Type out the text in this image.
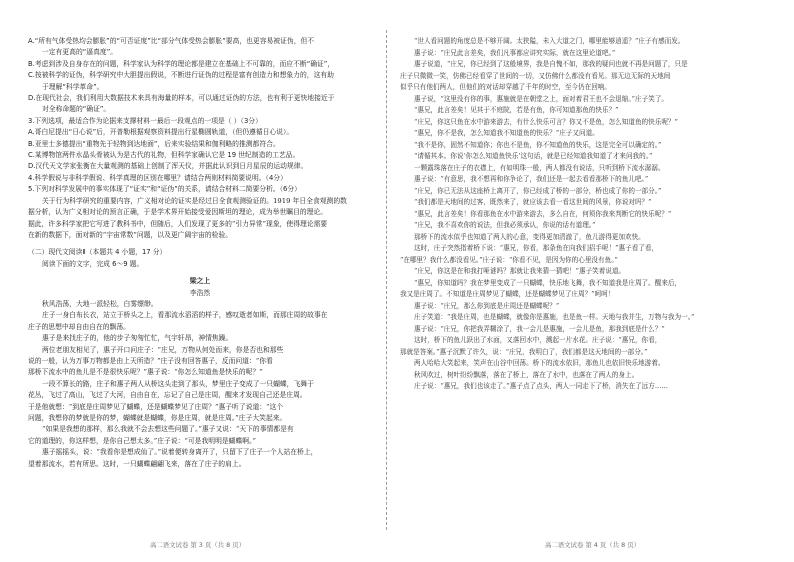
A.“所有气体受热均会膨胀”的“可否证度”比“部分气体受热会膨胀”要高，也更容易被证伪，但不
一定有更高的“逼真度”。
B.考虑到涉及自身存在的问题，科学家认为科学的理论都是建立在基础上不可靠的，而应不断“确证”，
C.按被科学的证伪，科学研究中大胆提出假说，不断进行证伪的过程是富有创造力和想象力的，这有助
于理解“科学革命”。
D.在现代社会，我们利用大数据技术来具有海量的样本，可以通过证伪的方法，也有利于更快地接近于
对全称命题的“确证”。
3.下列选项，最适合作为论据来支撑材料一最后一段观点的一项是（ ）（3分）
A.哥白尼提出“日心说”后，开普勒根据观察资料提出行星椭圆轨道，（但仍遵循日心说）。
B.亚里士多德提出“重物先于轻物到达地面”，后来实验结果和伽利略的推测都符合。
C.某博物馆两件水晶头骨被认为是古代的礼物，但科学家确认它是 19 世纪制造的工艺品。
D.汉代天文学家张衡在大量观测的基础上创制了浑天仪，并据此认识到日月星辰的运动规律。
4.科学假说与非科学假说、科学真理的区别在哪里？请结合两则材料简要说明。（4分）
5.下列对科学发展中的事实体现了“证实”和“证伪”的关系，请结合材料二简要分析。（6分）
关于行为科学研究的重要内容，广义相对论的证实是经过日全食观测验证的。1919 年日全食观测的数
据分析，认为广义相对论的预言正确，于是学术界开始接受爱因斯坦的理论，成为举世瞩目的理论。
据此，许多科学家把它写进了教科书中，但随后，人们发现了更多的“引力异常”现象，使得理论需要
在新的数据下，面对新的“宇宙常数”问题，以及更广阔宇宙的检验。
（二）现代文阅读Ⅱ（本题共 4 小题，17 分）
阅读下面的文字，完成 6～9 题。
梁之上
李浩然
秋风浩荡，大地一派轻松，白雾缥缈。
庄子一身白布长衣，站立于桥头之上，看那流水滔滔的样子，感叹逝者如斯，而那庄周的故事在
庄子的思想中却自由自在的飘荡。
惠子是来找庄子的，他的步子匆匆忙忙，气宇轩昂，神情焦躁。
两位老朋友相见了，惠子开口问庄子：“庄兄，万物从何处而来，你是否也和那些
说的一般，认为万事万物都是由上天所造？”庄子没有回答惠子，反而问道：“你看
那桥下流水中的鱼儿是不是很快乐呢？”惠子说：“你怎么知道鱼是快乐的呢？”
一段不算长的路，庄子和惠子两人从桥这头走到了那头，梦里庄子变成了一只蝴蝶，飞舞于
花丛，飞过了高山，飞过了大河，自由自在，忘记了自己是庄周，醒来才发现自己还是庄周。
于是他就想：“到底是庄周梦见了蝴蝶，还是蝴蝶梦见了庄周？”惠子听了说道：“这个
问题，我想你的梦就是你的梦，蝴蝶就是蝴蝶，你是庄周，就是庄周。”庄子大笑起来。
“如果是我想的那样，那么我就不会去想这些问题了。”惠子又说：“天下的事情都是有
它的道理的，你这样想，是你自己想太多。”庄子说：“可是我明明是蝴蝶啊。”
惠子摇摇头，说：“我看你是想成仙了。”说着便转身离开了，只留下了庄子一个人站在桥上，
望着那流水，若有所思。这时，一只蝴蝶翩翩飞来，落在了庄子的肩上。
“世人看问题的角度总是不够开阔。太狭隘，未入大道之门，哪里能够逍遥？”庄子有感而发。
惠子说：“庄兄此言差矣，我们凡事都应讲究实际，就在这里论道吧。”
惠子说道，“庄兄，你已经到了这般境界，我是自愧不如，那我的疑问也就不再是问题了，只是
庄子只微微一笑，仿佛已经看穿了世间的一切，又仿佛什么都没有看见。那无边无际的天地间
似乎只有他们两人，但他们的对话却穿越了千年的时空，至今仍在回响。
惠子说，“这里没有你的事，惠施就是在朝堂之上，面对着君王也不会退缩。”庄子笑了。
“惠兄，此言差矣！见其于不庭院，若是有鱼，你可知道那鱼的快乐？”
“庄兄，你这只鱼在水中游来游去，有什么快乐可言？你又不是鱼，怎么知道鱼的快乐呢？”
“惠兄，你不是我，怎么知道我不知道鱼的快乐？”庄子又问道。
“我不是你，固然不知道你；你也不是鱼，你不知道鱼的快乐，这是完全可以确定的。”
“请循其本。你说‘你怎么知道鱼快乐’这句话，就是已经知道我知道了才来问我的。”
一颗露珠落在庄子的衣襟上，有如明珠一般，两人都没有说话，只听到桥下流水潺潺。
惠子说：“有意思，我不想再和你争论了，我们还是一起去看看那桥下的鱼儿吧。”
“庄兄，你已无法从这座桥上离开了，你已经成了桥的一部分，桥也成了你的一部分。”
“我们都是天地间的过客，既然来了，就应该去看一看这世间的风景，你说对吗？”
“惠兄，此言差矣！你看那鱼在水中游来游去，多么自在，何须你我来判断它的快乐呢？”
“庄兄，我不喜欢你的说法，但我必须承认，你说的话有道理。”
那桥下的流水似乎也知道了两人的心意，变得更加清澈了，鱼儿游得更加欢快。
这时，庄子突然指着桥下说：“惠兄，你看，那条鱼在向我们招手呢！”惠子看了看，
“在哪里？我什么都没看见。”庄子说：“你看不见，是因为你的心里没有鱼。”
“庄兄，你这是在和我打哑谜吗？那就让我来猜一猜吧！”惠子笑着说道。
“惠兄，你知道吗？我在梦里变成了一只蝴蝶，快乐地飞舞，我不知道我是庄周了。醒来后，
我又是庄周了。不知道是庄周梦见了蝴蝶，还是蝴蝶梦见了庄周？”呵呵！
惠子说：“庄兄，那么你到底是庄周还是蝴蝶呢？”
庄子笑道：“我是庄周，也是蝴蝶，就像你是惠施，也是鱼一样。天地与我并生，万物与我为一。”
惠子说：“庄兄，你把我弄糊涂了，我一会儿是惠施，一会儿是鱼，那我到底是什么？”
这时，桥下的鱼儿跃出了水面，又落回水中，溅起一片水花。庄子说：“惠兄，你看，
那就是答案。”惠子沉默了许久，说：“庄兄，我明白了，我们都是这天地间的一部分。”
两人哈哈大笑起来，笑声在山谷中回荡。桥下的流水依旧，那鱼儿也依旧快乐地游着。
秋风吹过，树叶纷纷飘落，落在了桥上，落在了水中，也落在了两人的身上。
庄子说：“惠兄，我们也该走了。”惠子点了点头，两人一同走下了桥，消失在了远方……
高二语文试卷 第 3 页（共 8 页）	高二语文试卷 第 4 页（共 8 页）
